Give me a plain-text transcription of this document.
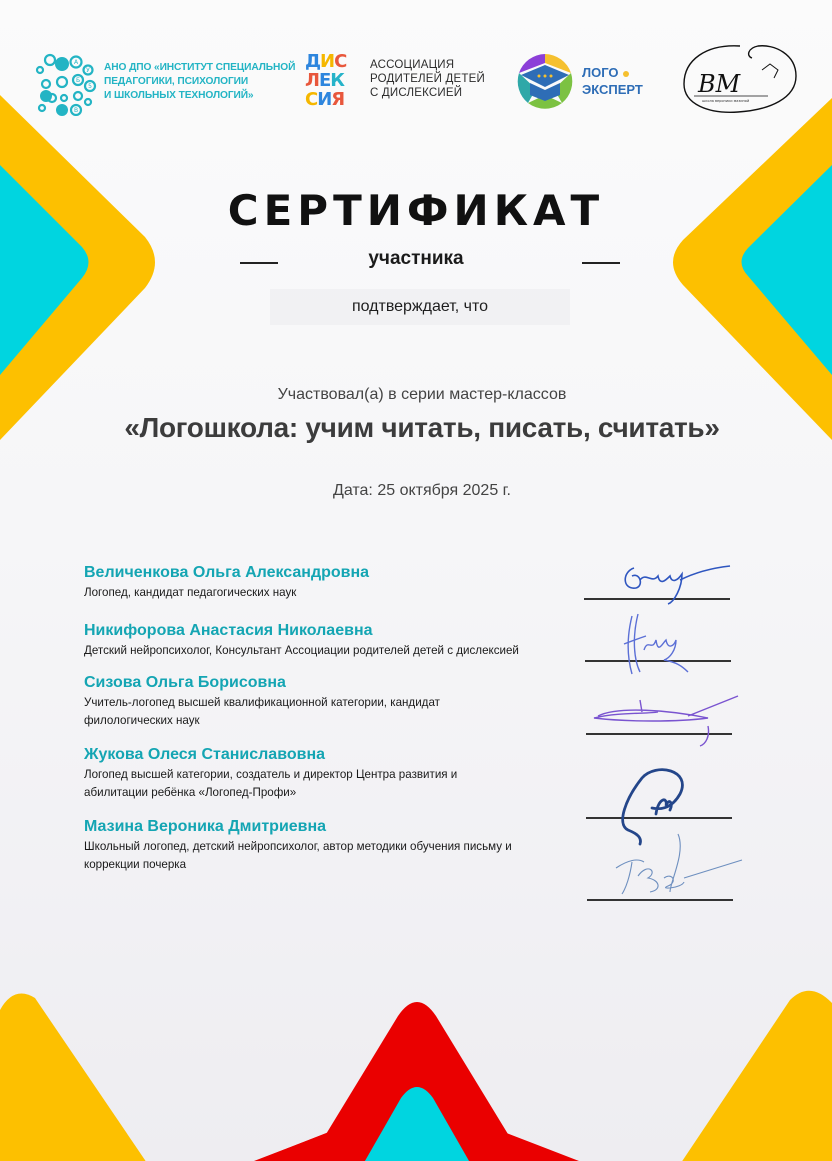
А
У
Б
5
В
АНО ДПО «ИНСТИТУТ СПЕЦИАЛЬНОЙ
ПЕДАГОГИКИ, ПСИХОЛОГИИ
И ШКОЛЬНЫХ ТЕХНОЛОГИЙ»
ДИС
ЛЕК
СИЯ
АССОЦИАЦИЯ
РОДИТЕЛЕЙ ДЕТЕЙ
С ДИСЛЕКСИЕЙ
ЛОГО
ЭКСПЕРТ ВМ
школа вероники мазиной
СЕРТИФИКАТ
участника
подтверждает, что
Участвовал(а) в серии мастер-классов
«Логошкола: учим читать, писать, считать»
Дата: 25 октября 2025 г.
Величенкова Ольга Александровна
Логопед, кандидат педагогических наук
Никифорова Анастасия Николаевна
Детский нейропсихолог, Консультант Ассоциации родителей детей с дислексией
Сизова Ольга Борисовна
Учитель-логопед высшей квалификационной категории, кандидат филологических наук
Жукова Олеся Станиславовна
Логопед высшей категории, создатель и директор Центра развития и абилитации ребёнка «Логопед-Профи»
Мазина Вероника Дмитриевна
Школьный логопед, детский нейропсихолог, автор методики обучения письму и коррекции почерка
